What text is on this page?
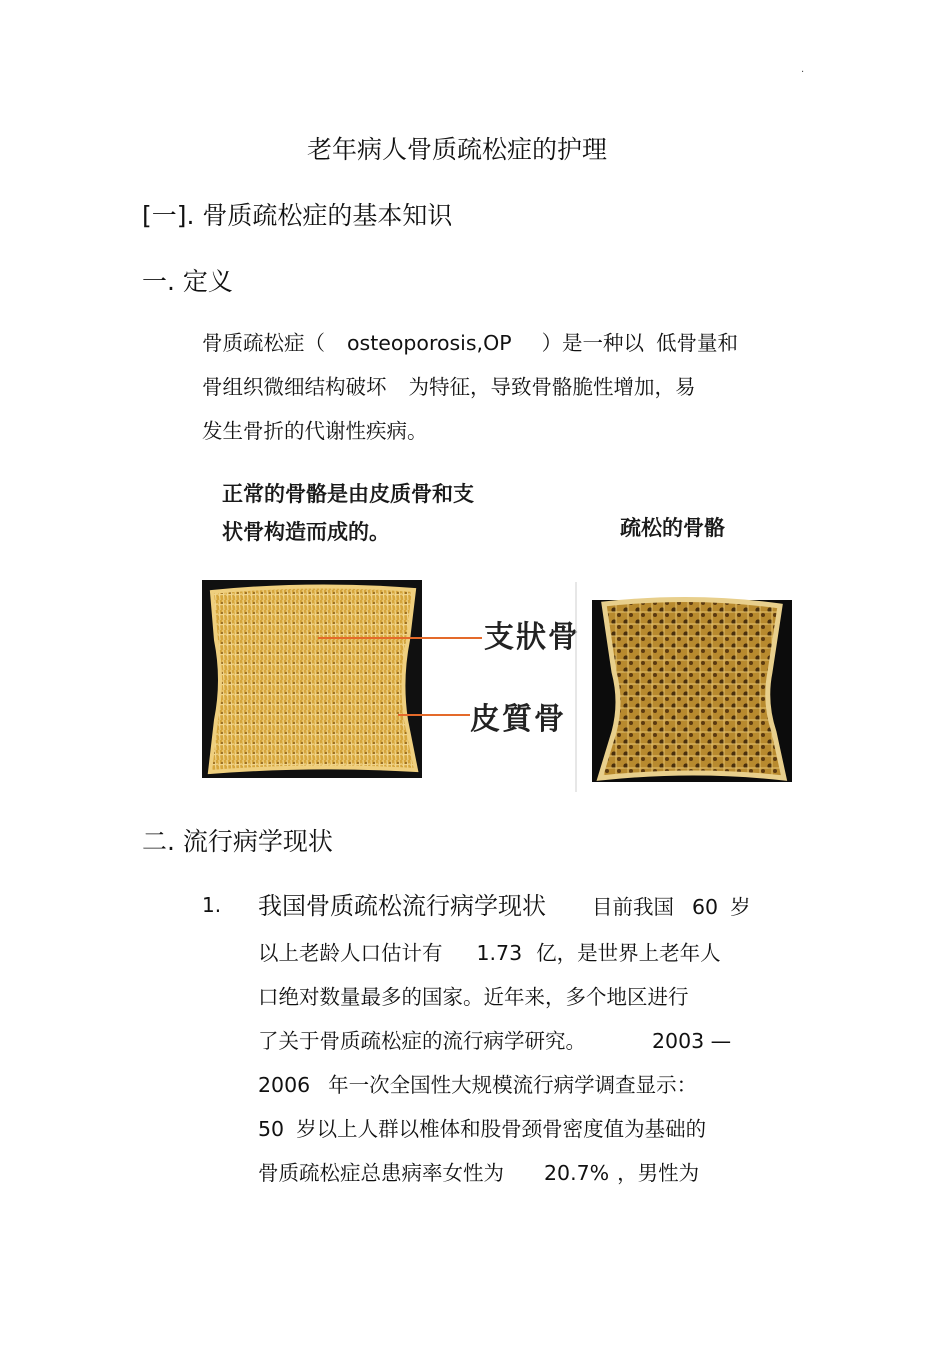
.
老年病人骨质疏松症的护理
[一]. 骨质疏松症的基本知识
一. 定义
骨质疏松症（ osteoporosis,OP ）是一种以 低骨量和
骨组织微细结构破坏 为特征，导致骨骼脆性增加，易
发生骨折的代谢性疾病。
正常的骨骼是由皮质骨和支
状骨构造而成的。	疏松的骨骼
支狀骨
皮質骨
二. 流行病学现状
1. 我国骨质疏松流行病学现状 目前我国 60 岁
以上老龄人口估计有 1.73 亿，是世界上老年人
口绝对数量最多的国家。近年来，多个地区进行
了关于骨质疏松症的流行病学研究。	2003 —
2006 年一次全国性大规模流行病学调查显示：
50 岁以上人群以椎体和股骨颈骨密度值为基础的
骨质疏松症总患病率女性为 20.7% ，男性为
